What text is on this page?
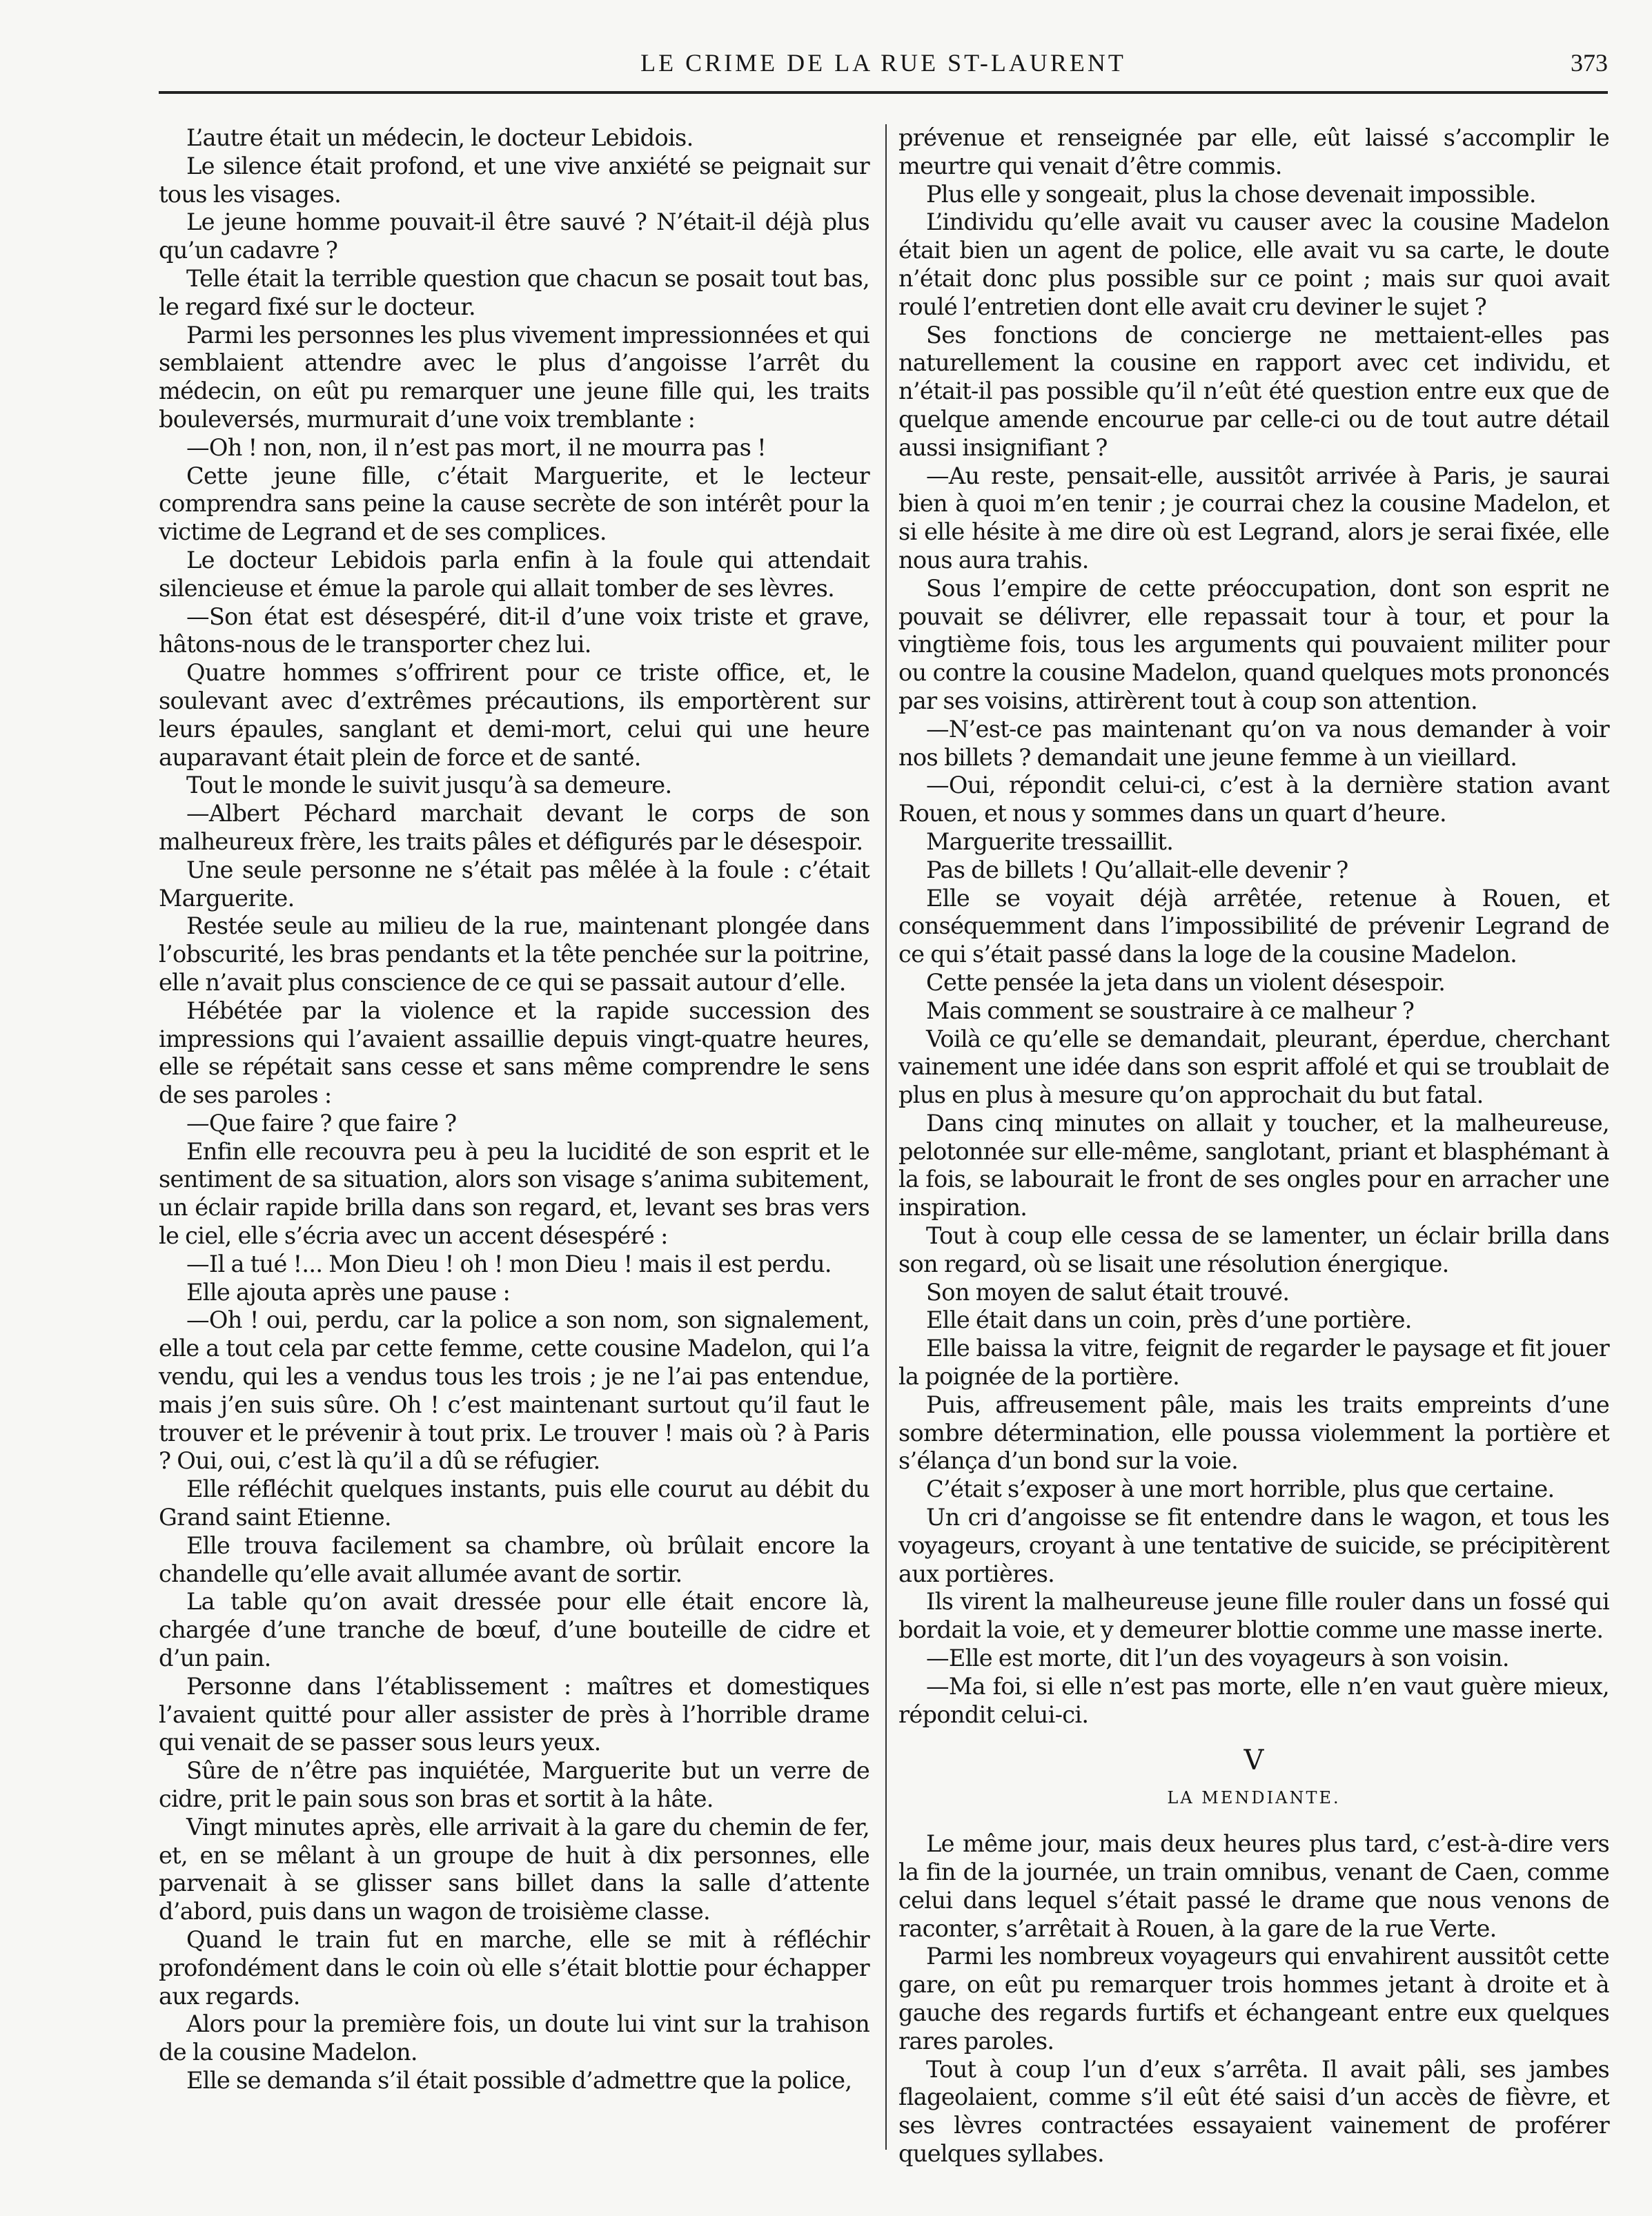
LE CRIME DE LA RUE ST-LAURENT	373

L’autre était un médecin, le docteur Lebidois.

Le silence était profond, et une vive anxiété se peignait sur tous les visages.

Le jeune homme pouvait-il être sauvé ? N’était-il déjà plus qu’un cadavre ?

Telle était la terrible question que chacun se posait tout bas, le regard fixé sur le docteur.

Parmi les personnes les plus vivement impressionnées et qui semblaient attendre avec le plus d’angoisse l’arrêt du médecin, on eût pu remarquer une jeune fille qui, les traits bouleversés, murmurait d’une voix tremblante :

—Oh ! non, non, il n’est pas mort, il ne mourra pas !

Cette jeune fille, c’était Marguerite, et le lecteur comprendra sans peine la cause secrète de son intérêt pour la victime de Legrand et de ses complices.

Le docteur Lebidois parla enfin à la foule qui attendait silencieuse et émue la parole qui allait tomber de ses lèvres.

—Son état est désespéré, dit-il d’une voix triste et grave, hâtons-nous de le transporter chez lui.

Quatre hommes s’offrirent pour ce triste office, et, le soulevant avec d’extrêmes précautions, ils emportèrent sur leurs épaules, sanglant et demi-mort, celui qui une heure auparavant était plein de force et de santé.

Tout le monde le suivit jusqu’à sa demeure.

—Albert Péchard marchait devant le corps de son malheureux frère, les traits pâles et défigurés par le désespoir.

Une seule personne ne s’était pas mêlée à la foule : c’était Marguerite.

Restée seule au milieu de la rue, maintenant plongée dans l’obscurité, les bras pendants et la tête penchée sur la poitrine, elle n’avait plus conscience de ce qui se passait autour d’elle.

Hébétée par la violence et la rapide succession des impressions qui l’avaient assaillie depuis vingt-quatre heures, elle se répétait sans cesse et sans même comprendre le sens de ses paroles :

—Que faire ? que faire ?

Enfin elle recouvra peu à peu la lucidité de son esprit et le sentiment de sa situation, alors son visage s’anima subitement, un éclair rapide brilla dans son regard, et, levant ses bras vers le ciel, elle s’écria avec un accent désespéré :

—Il a tué !... Mon Dieu ! oh ! mon Dieu ! mais il est perdu.

Elle ajouta après une pause :

—Oh ! oui, perdu, car la police a son nom, son signalement, elle a tout cela par cette femme, cette cousine Madelon, qui l’a vendu, qui les a vendus tous les trois ; je ne l’ai pas entendue, mais j’en suis sûre. Oh ! c’est maintenant surtout qu’il faut le trouver et le prévenir à tout prix. Le trouver ! mais où ? à Paris ? Oui, oui, c’est là qu’il a dû se réfugier.

Elle réfléchit quelques instants, puis elle courut au débit du Grand saint Etienne.

Elle trouva facilement sa chambre, où brûlait encore la chandelle qu’elle avait allumée avant de sortir.

La table qu’on avait dressée pour elle était encore là, chargée d’une tranche de bœuf, d’une bouteille de cidre et d’un pain.

Personne dans l’établissement : maîtres et domestiques l’avaient quitté pour aller assister de près à l’horrible drame qui venait de se passer sous leurs yeux.

Sûre de n’être pas inquiétée, Marguerite but un verre de cidre, prit le pain sous son bras et sortit à la hâte.

Vingt minutes après, elle arrivait à la gare du chemin de fer, et, en se mêlant à un groupe de huit à dix personnes, elle parvenait à se glisser sans billet dans la salle d’attente d’abord, puis dans un wagon de troisième classe.

Quand le train fut en marche, elle se mit à réfléchir profondément dans le coin où elle s’était blottie pour échapper aux regards.

Alors pour la première fois, un doute lui vint sur la trahison de la cousine Madelon.

Elle se demanda s’il était possible d’admettre que la police,

prévenue et renseignée par elle, eût laissé s’accomplir le meurtre qui venait d’être commis.

Plus elle y songeait, plus la chose devenait impossible.

L’individu qu’elle avait vu causer avec la cousine Madelon était bien un agent de police, elle avait vu sa carte, le doute n’était donc plus possible sur ce point ; mais sur quoi avait roulé l’entretien dont elle avait cru deviner le sujet ?

Ses fonctions de concierge ne mettaient-elles pas naturellement la cousine en rapport avec cet individu, et n’était-il pas possible qu’il n’eût été question entre eux que de quelque amende encourue par celle-ci ou de tout autre détail aussi insignifiant ?

—Au reste, pensait-elle, aussitôt arrivée à Paris, je saurai bien à quoi m’en tenir ; je courrai chez la cousine Madelon, et si elle hésite à me dire où est Legrand, alors je serai fixée, elle nous aura trahis.

Sous l’empire de cette préoccupation, dont son esprit ne pouvait se délivrer, elle repassait tour à tour, et pour la vingtième fois, tous les arguments qui pouvaient militer pour ou contre la cousine Madelon, quand quelques mots prononcés par ses voisins, attirèrent tout à coup son attention.

—N’est-ce pas maintenant qu’on va nous demander à voir nos billets ? demandait une jeune femme à un vieillard.

—Oui, répondit celui-ci, c’est à la dernière station avant Rouen, et nous y sommes dans un quart d’heure.

Marguerite tressaillit.

Pas de billets ! Qu’allait-elle devenir ?

Elle se voyait déjà arrêtée, retenue à Rouen, et conséquemment dans l’impossibilité de prévenir Legrand de ce qui s’était passé dans la loge de la cousine Madelon.

Cette pensée la jeta dans un violent désespoir.

Mais comment se soustraire à ce malheur ?

Voilà ce qu’elle se demandait, pleurant, éperdue, cherchant vainement une idée dans son esprit affolé et qui se troublait de plus en plus à mesure qu’on approchait du but fatal.

Dans cinq minutes on allait y toucher, et la malheureuse, pelotonnée sur elle-même, sanglotant, priant et blasphémant à la fois, se labourait le front de ses ongles pour en arracher une inspiration.

Tout à coup elle cessa de se lamenter, un éclair brilla dans son regard, où se lisait une résolution énergique.

Son moyen de salut était trouvé.

Elle était dans un coin, près d’une portière.

Elle baissa la vitre, feignit de regarder le paysage et fit jouer la poignée de la portière.

Puis, affreusement pâle, mais les traits empreints d’une sombre détermination, elle poussa violemment la portière et s’élança d’un bond sur la voie.

C’était s’exposer à une mort horrible, plus que certaine.

Un cri d’angoisse se fit entendre dans le wagon, et tous les voyageurs, croyant à une tentative de suicide, se précipitèrent aux portières.

Ils virent la malheureuse jeune fille rouler dans un fossé qui bordait la voie, et y demeurer blottie comme une masse inerte.

—Elle est morte, dit l’un des voyageurs à son voisin.

—Ma foi, si elle n’est pas morte, elle n’en vaut guère mieux, répondit celui-ci.

V
LA MENDIANTE.

Le même jour, mais deux heures plus tard, c’est-à-dire vers la fin de la journée, un train omnibus, venant de Caen, comme celui dans lequel s’était passé le drame que nous venons de raconter, s’arrêtait à Rouen, à la gare de la rue Verte.

Parmi les nombreux voyageurs qui envahirent aussitôt cette gare, on eût pu remarquer trois hommes jetant à droite et à gauche des regards furtifs et échangeant entre eux quelques rares paroles.

Tout à coup l’un d’eux s’arrêta. Il avait pâli, ses jambes flageolaient, comme s’il eût été saisi d’un accès de fièvre, et ses lèvres contractées essayaient vainement de proférer quelques syllabes.
